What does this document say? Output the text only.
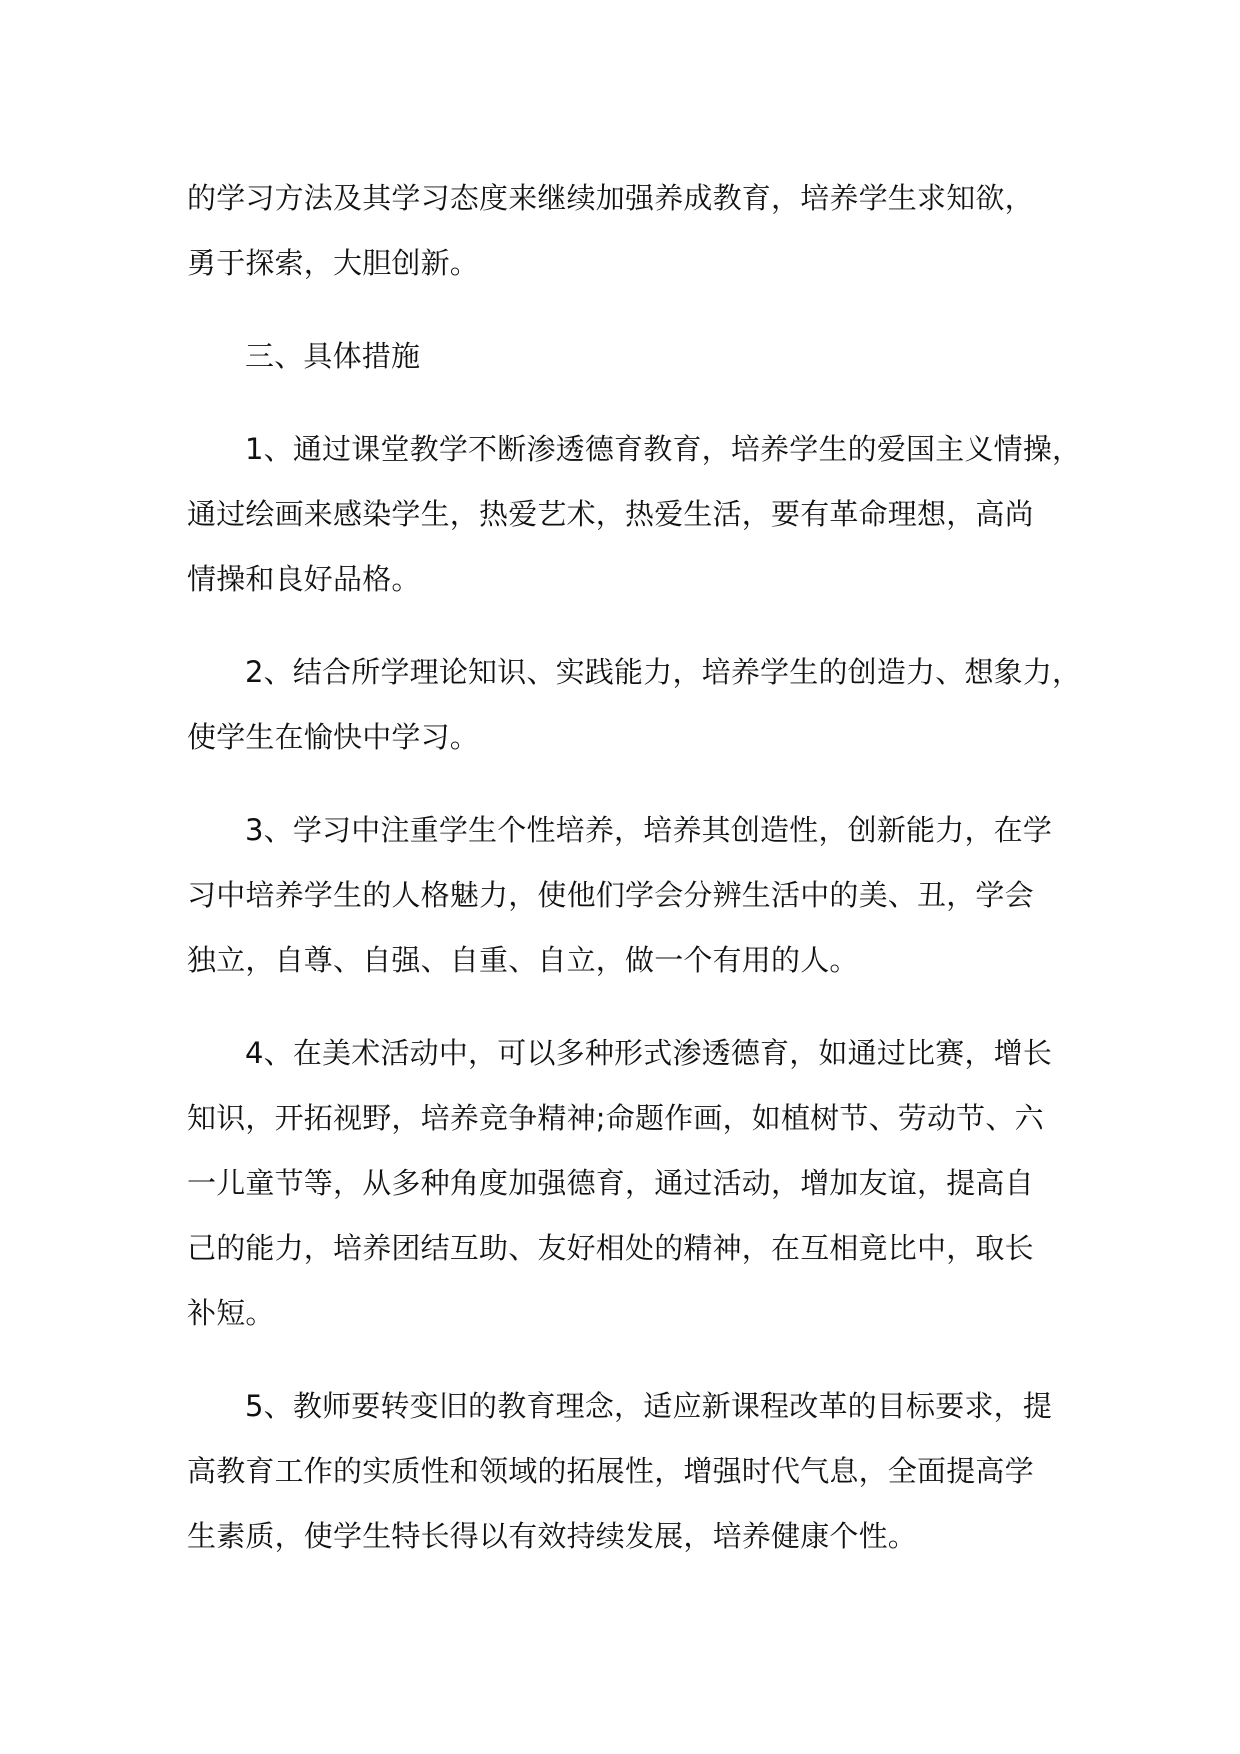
的学习方法及其学习态度来继续加强养成教育，培养学生求知欲，
勇于探索，大胆创新。

三、具体措施

1、通过课堂教学不断渗透德育教育，培养学生的爱国主义情操，
通过绘画来感染学生，热爱艺术，热爱生活，要有革命理想，高尚
情操和良好品格。

2、结合所学理论知识、实践能力，培养学生的创造力、想象力，
使学生在愉快中学习。

3、学习中注重学生个性培养，培养其创造性，创新能力，在学
习中培养学生的人格魅力，使他们学会分辨生活中的美、丑，学会
独立，自尊、自强、自重、自立，做一个有用的人。

4、在美术活动中，可以多种形式渗透德育，如通过比赛，增长
知识，开拓视野，培养竞争精神;命题作画，如植树节、劳动节、六
一儿童节等，从多种角度加强德育，通过活动，增加友谊，提高自
己的能力，培养团结互助、友好相处的精神，在互相竟比中，取长
补短。

5、教师要转变旧的教育理念，适应新课程改革的目标要求，提
高教育工作的实质性和领域的拓展性，增强时代气息，全面提高学
生素质，使学生特长得以有效持续发展，培养健康个性。
